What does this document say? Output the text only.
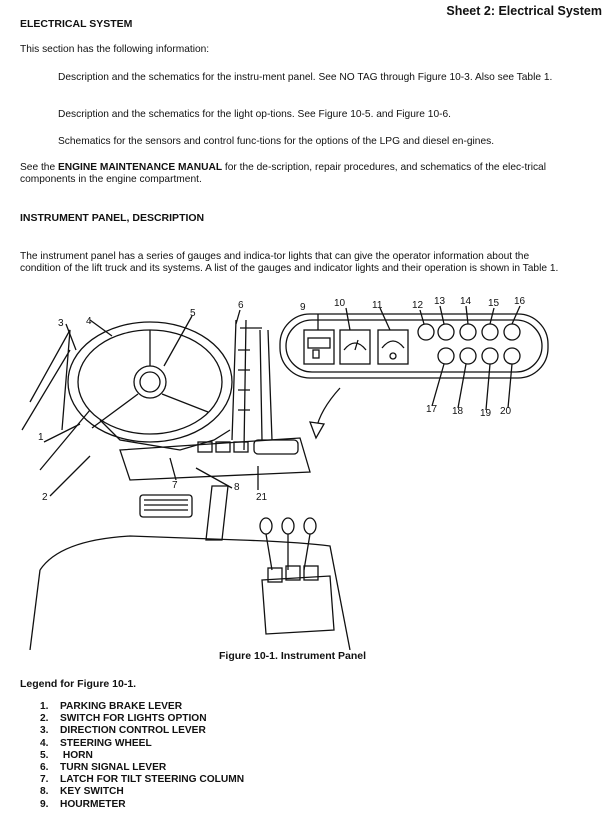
Sheet 2: Electrical System
ELECTRICAL SYSTEM
This section has the following information:
Description and the schematics for the instru-ment panel. See NO TAG through Figure 10-3. Also see Table 1.
Description and the schematics for the light op-tions. See Figure 10-5. and Figure 10-6.
Schematics for the sensors and control func-tions for the options of the LPG and diesel en-gines.
See the ENGINE MAINTENANCE MANUAL for the de-scription, repair procedures, and schematics of the elec-trical components in the engine compartment.
INSTRUMENT PANEL, DESCRIPTION
The instrument panel has a series of gauges and indica-tor lights that can give the operator information about the condition of the lift truck and its systems. A list of the gauges and indicator lights and their operation is shown in Table 1.
1
2
3 4
5
6
7	8
9	10	11	12 13 14 15 16
17 18 19 20
21
Figure 10-1. Instrument Panel
Legend for Figure 10-1.
1. PARKING BRAKE LEVER
2. SWITCH FOR LIGHTS OPTION
3. DIRECTION CONTROL LEVER
4. STEERING WHEEL
5. HORN
6. TURN SIGNAL LEVER
7. LATCH FOR TILT STEERING COLUMN
8. KEY SWITCH
9. HOURMETER
